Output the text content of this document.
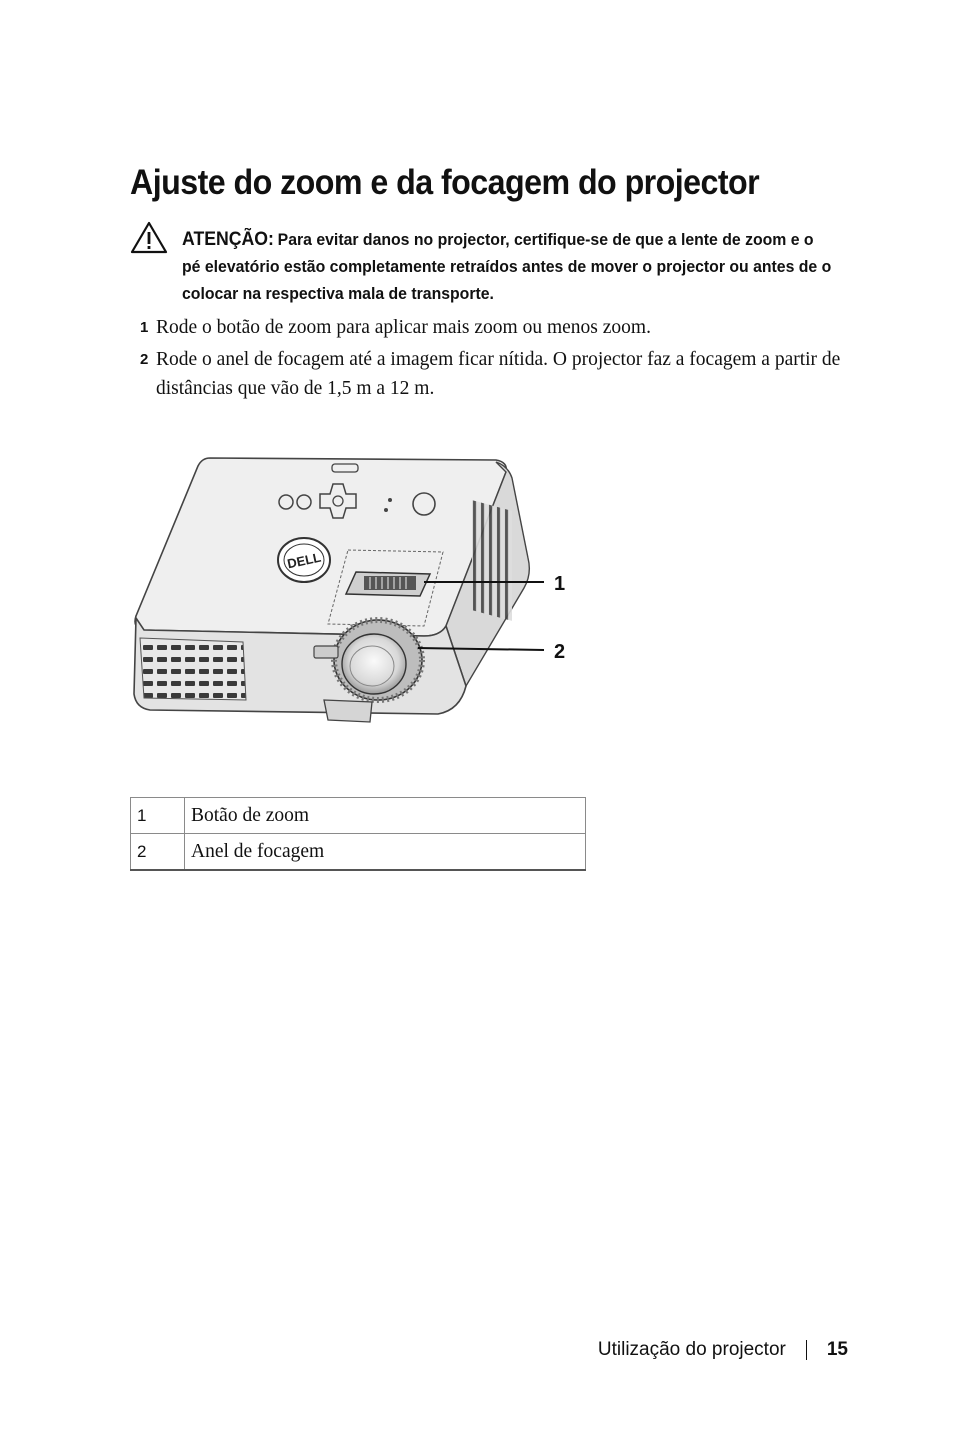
Ajuste do zoom e da focagem do projector
ATENÇÃO: Para evitar danos no projector, certifique-se de que a lente de zoom e o pé elevatório estão completamente retraídos antes de mover o projector ou antes de o colocar na respectiva mala de transporte.
1 Rode o botão de zoom para aplicar mais zoom ou menos zoom.
2 Rode o anel de focagem até a imagem ficar nítida. O projector faz a focagem a partir de distâncias que vão de 1,5 m a 12 m.
DELL
1
2
1	Botão de zoom
2	Anel de focagem
Utilização do projector 15
